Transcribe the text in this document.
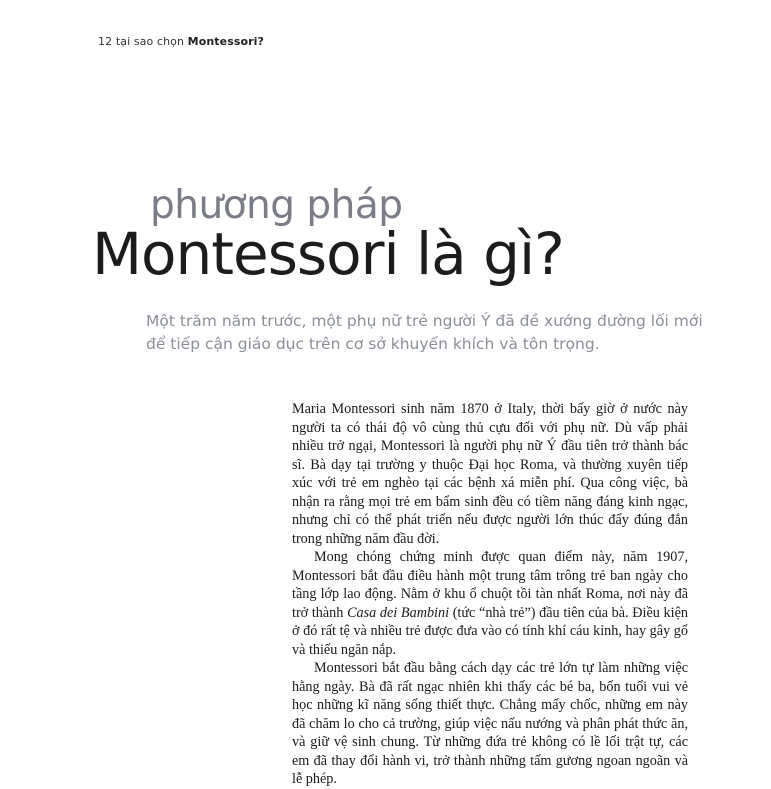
12 tại sao chọn Montessori?
phương pháp
Montessori là gì?
Một trăm năm trước, một phụ nữ trẻ người Ý đã đề xướng đường lối mới để tiếp cận giáo dục trên cơ sở khuyến khích và tôn trọng.

Maria Montessori sinh năm 1870 ở Italy, thời bấy giờ ở nước này người ta có thái độ vô cùng thủ cựu đối với phụ nữ. Dù vấp phải nhiều trở ngại, Montessori là người phụ nữ Ý đầu tiên trở thành bác sĩ. Bà dạy tại trường y thuộc Đại học Roma, và thường xuyên tiếp xúc với trẻ em nghèo tại các bệnh xá miễn phí. Qua công việc, bà nhận ra rằng mọi trẻ em bẩm sinh đều có tiềm năng đáng kinh ngạc, nhưng chỉ có thể phát triển nếu được người lớn thúc đẩy đúng đắn trong những năm đầu đời.

Mong chóng chứng minh được quan điểm này, năm 1907, Montessori bắt đầu điều hành một trung tâm trông trẻ ban ngày cho tầng lớp lao động. Nằm ở khu ổ chuột tồi tàn nhất Roma, nơi này đã trở thành Casa dei Bambini (tức “nhà trẻ”) đầu tiên của bà. Điều kiện ở đó rất tệ và nhiều trẻ được đưa vào có tính khí cáu kỉnh, hay gây gổ và thiếu ngăn nắp.

Montessori bắt đầu bằng cách dạy các trẻ lớn tự làm những việc hằng ngày. Bà đã rất ngạc nhiên khi thấy các bé ba, bốn tuổi vui vẻ học những kĩ năng sống thiết thực. Chẳng mấy chốc, những em này đã chăm lo cho cả trường, giúp việc nấu nướng và phân phát thức ăn, và giữ vệ sinh chung. Từ những đứa trẻ không có lề lối trật tự, các em đã thay đổi hành vi, trở thành những tấm gương ngoan ngoãn và lễ phép.
